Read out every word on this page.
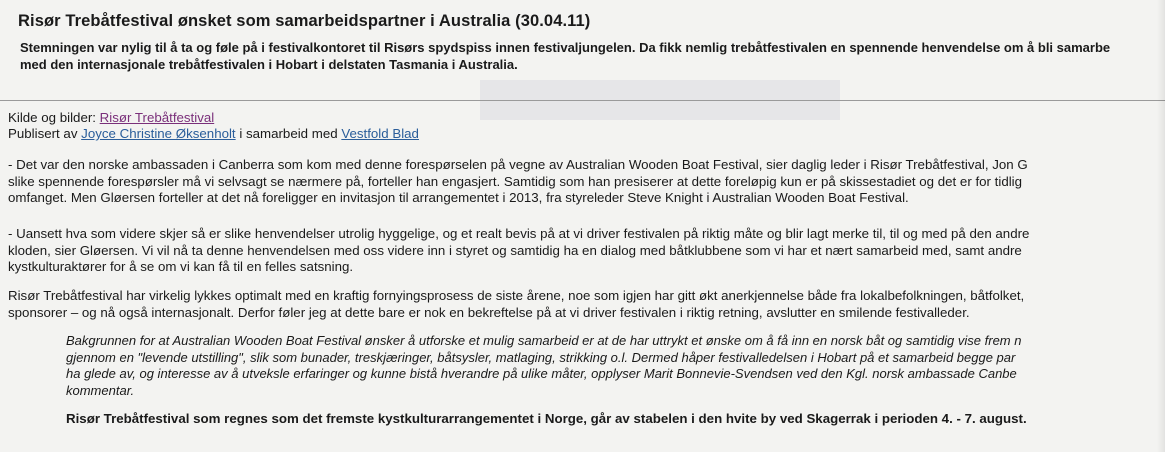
Risør Trebåtfestival ønsket som samarbeidspartner i Australia (30.04.11)
Stemningen var nylig til å ta og føle på i festivalkontoret til Risørs spydspiss innen festivaljungelen. Da fikk nemlig trebåtfestivalen en spennende henvendelse om å bli samarbe
med den internasjonale trebåtfestivalen i Hobart i delstaten Tasmania i Australia.
Kilde og bilder: Risør Trebåtfestival
Publisert av Joyce Christine Øksenholt i samarbeid med Vestfold Blad
- Det var den norske ambassaden i Canberra som kom med denne forespørselen på vegne av Australian Wooden Boat Festival, sier daglig leder i Risør Trebåtfestival, Jon G
slike spennende forespørsler må vi selvsagt se nærmere på, forteller han engasjert. Samtidig som han presiserer at dette foreløpig kun er på skissestadiet og det er for tidlig
omfanget. Men Gløersen forteller at det nå foreligger en invitasjon til arrangementet i 2013, fra styreleder Steve Knight i Australian Wooden Boat Festival.
- Uansett hva som videre skjer så er slike henvendelser utrolig hyggelige, og et realt bevis på at vi driver festivalen på riktig måte og blir lagt merke til, til og med på den andre
kloden, sier Gløersen. Vi vil nå ta denne henvendelsen med oss videre inn i styret og samtidig ha en dialog med båtklubbene som vi har et nært samarbeid med, samt andre
kystkulturaktører for å se om vi kan få til en felles satsning.
Risør Trebåtfestival har virkelig lykkes optimalt med en kraftig fornyingsprosess de siste årene, noe som igjen har gitt økt anerkjennelse både fra lokalbefolkningen, båtfolket,
sponsorer – og nå også internasjonalt. Derfor føler jeg at dette bare er nok en bekreftelse på at vi driver festivalen i riktig retning, avslutter en smilende festivalleder.
Bakgrunnen for at Australian Wooden Boat Festival ønsker å utforske et mulig samarbeid er at de har uttrykt et ønske om å få inn en norsk båt og samtidig vise frem n
gjennom en "levende utstilling", slik som bunader, treskjæringer, båtsysler, matlaging, strikking o.l. Dermed håper festivalledelsen i Hobart på et samarbeid begge par
ha glede av, og interesse av å utveksle erfaringer og kunne bistå hverandre på ulike måter, opplyser Marit Bonnevie-Svendsen ved den Kgl. norsk ambassade Canbe
kommentar.
Risør Trebåtfestival som regnes som det fremste kystkulturarrangementet i Norge, går av stabelen i den hvite by ved Skagerrak i perioden 4. - 7. august.
